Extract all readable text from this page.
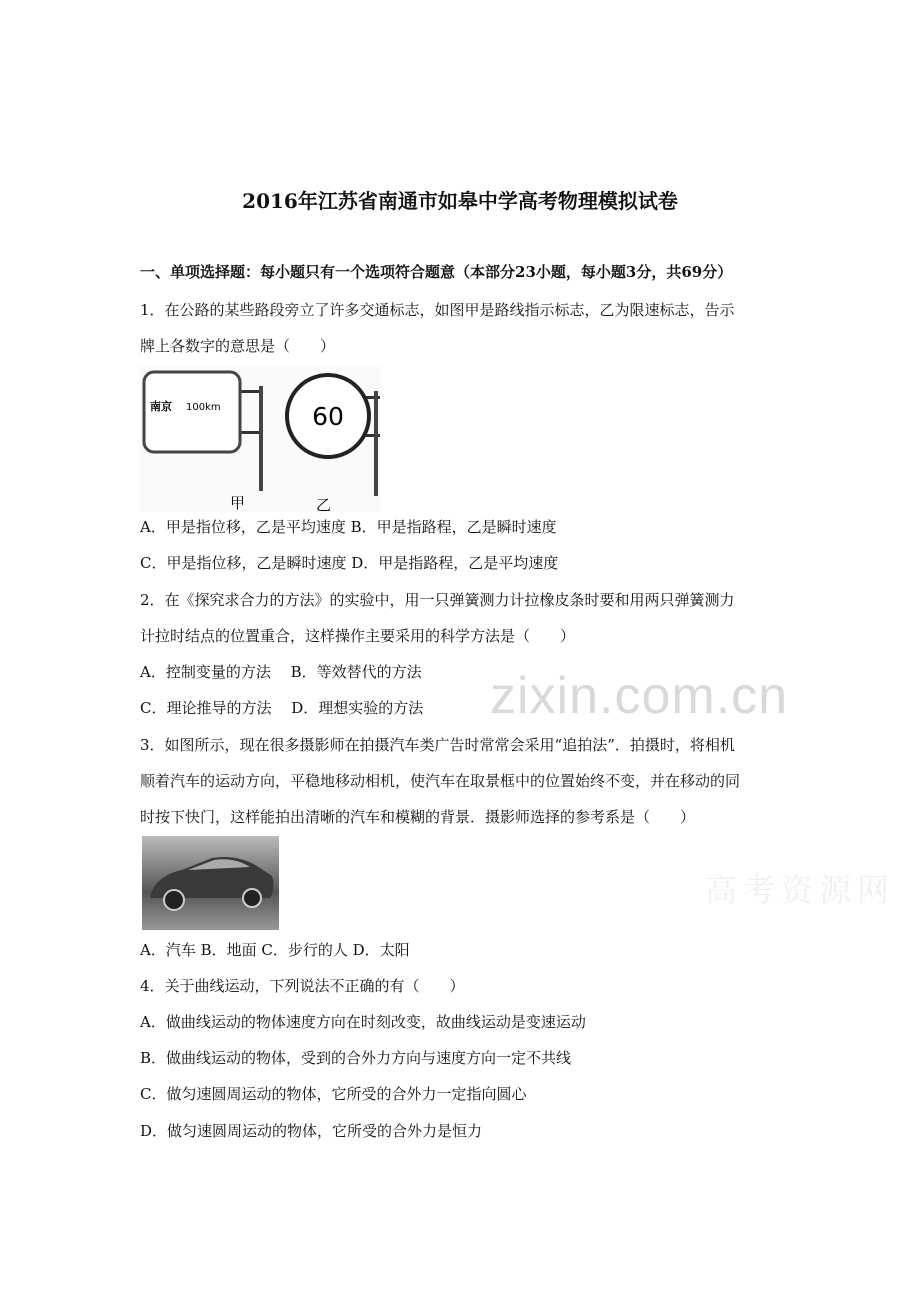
zixin.com.cn
高考资源网
2016年江苏省南通市如皋中学高考物理模拟试卷
一、单项选择题：每小题只有一个选项符合题意（本部分23小题，每小题3分，共69分）
1．在公路的某些路段旁立了许多交通标志，如图甲是路线指示标志，乙为限速标志，告示
牌上各数字的意思是（　　）
南京 100km	60
甲	乙
A．甲是指位移，乙是平均速度 B．甲是指路程，乙是瞬时速度
C．甲是指位移，乙是瞬时速度 D．甲是指路程，乙是平均速度
2．在《探究求合力的方法》的实验中，用一只弹簧测力计拉橡皮条时要和用两只弹簧测力
计拉时结点的位置重合，这样操作主要采用的科学方法是（　　）
A．控制变量的方法　 B．等效替代的方法
C．理论推导的方法　 D．理想实验的方法
3．如图所示，现在很多摄影师在拍摄汽车类广告时常常会采用“追拍法”．拍摄时，将相机
顺着汽车的运动方向，平稳地移动相机，使汽车在取景框中的位置始终不变，并在移动的同
时按下快门，这样能拍出清晰的汽车和模糊的背景．摄影师选择的参考系是（　　）
A．汽车 B．地面 C．步行的人 D．太阳
4．关于曲线运动，下列说法不正确的有（　　）
A．做曲线运动的物体速度方向在时刻改变，故曲线运动是变速运动
B．做曲线运动的物体，受到的合外力方向与速度方向一定不共线
C．做匀速圆周运动的物体，它所受的合外力一定指向圆心
D．做匀速圆周运动的物体，它所受的合外力是恒力
